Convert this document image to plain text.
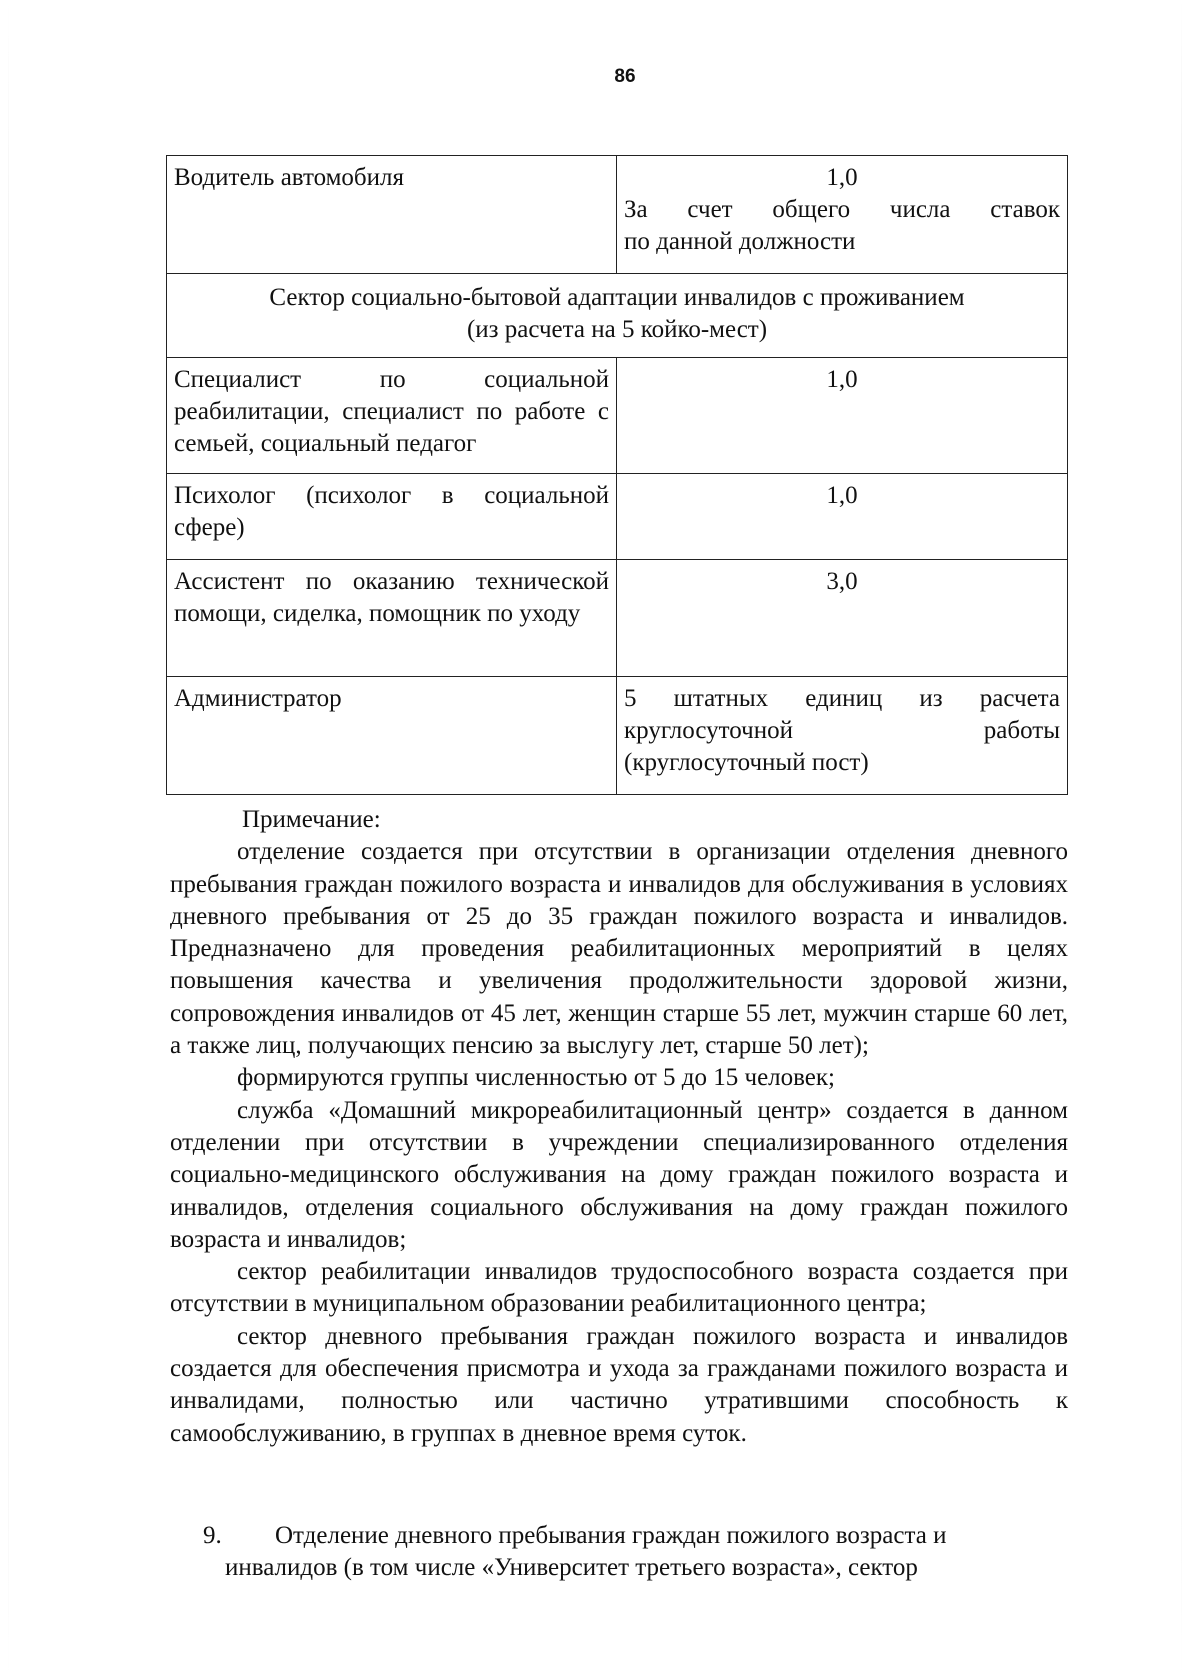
86
Водитель автомобиля	1,0
За счет общего числа ставок
по данной должности

Сектор социально-бытовой адаптации инвалидов с проживанием
(из расчета на 5 койко-мест)	

Специалист по социальной реабилитации, специалист по работе с семьей, социальный педагог	1,0
Психолог (психолог в социальной сфере)	1,0
Ассистент по оказанию технической помощи, сиделка, помощник по уходу	3,0
Администратор	5 штатных единиц из расчета круглосуточной работы (круглосуточный пост)

Примечание:

отделение создается при отсутствии в организации отделения дневного пребывания граждан пожилого возраста и инвалидов для обслуживания в условиях дневного пребывания от 25 до 35 граждан пожилого возраста и инвалидов. Предназначено для проведения реабилитационных мероприятий в целях повышения качества и увеличения продолжительности здоровой жизни, сопровождения инвалидов от 45 лет, женщин старше 55 лет, мужчин старше 60 лет, а также лиц, получающих пенсию за выслугу лет, старше 50 лет);

формируются группы численностью от 5 до 15 человек;

служба «Домашний микрореабилитационный центр» создается в данном отделении при отсутствии в учреждении специализированного отделения социально-медицинского обслуживания на дому граждан пожилого возраста и инвалидов, отделения социального обслуживания на дому граждан пожилого возраста и инвалидов;

сектор реабилитации инвалидов трудоспособного возраста создается при отсутствии в муниципальном образовании реабилитационного центра;

сектор дневного пребывания граждан пожилого возраста и инвалидов создается для обеспечения присмотра и ухода за гражданами пожилого возраста и инвалидами, полностью или частично утратившими способность к самообслуживанию, в группах в дневное время суток.

9. Отделение дневного пребывания граждан пожилого возраста и
инвалидов (в том числе «Университет третьего возраста», сектор
